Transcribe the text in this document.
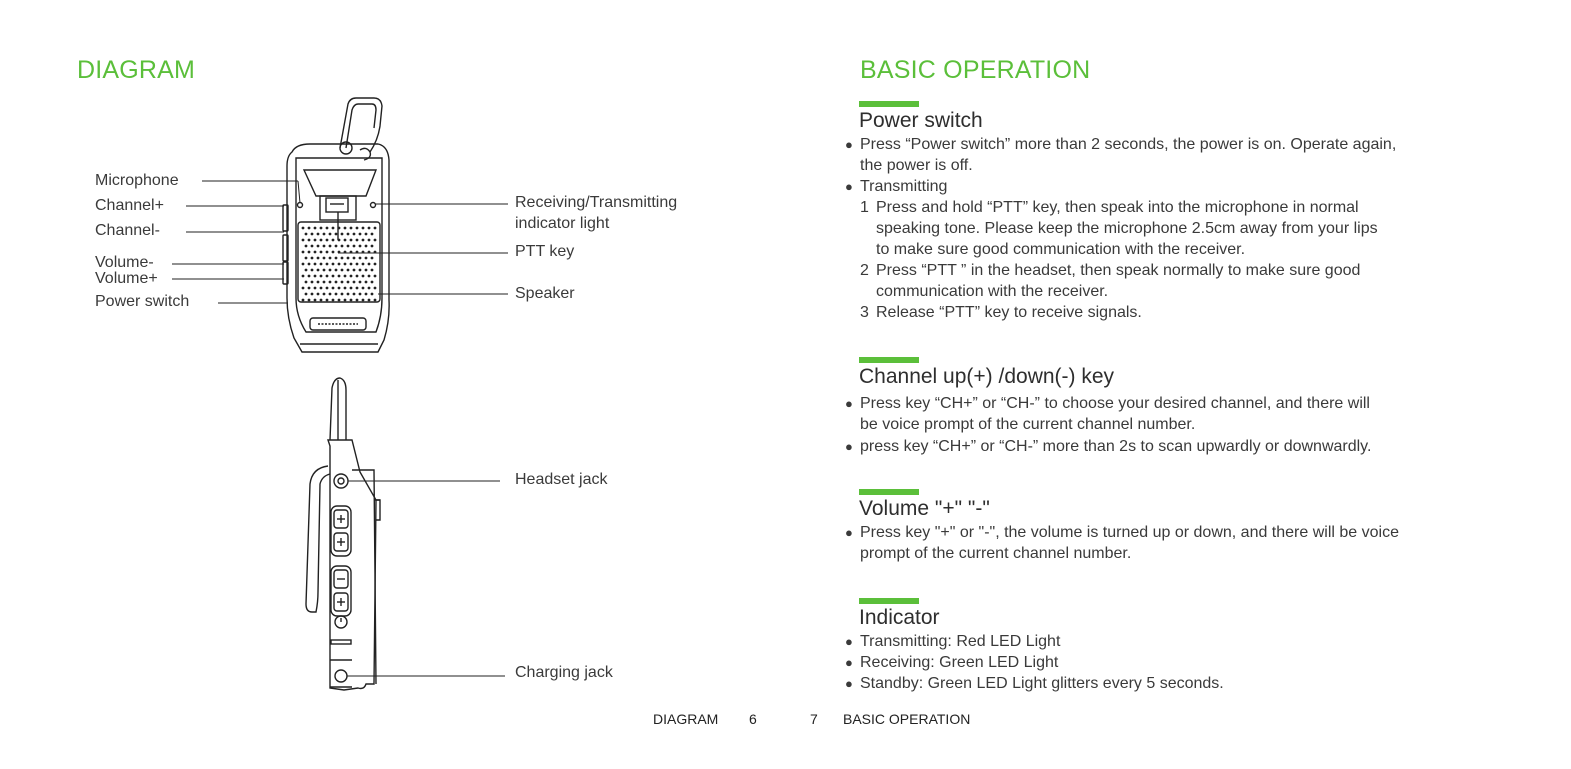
DIAGRAM
Microphone
Channel+
Channel-
Volume-
Volume+
Power switch
Receiving/Transmitting
indicator light
PTT key
Speaker
Headset jack
Charging jack
BASIC OPERATION
Power switch
● Press “Power switch” more than 2 seconds, the power is on. Operate again,
the power is off.
● Transmitting
1 Press and hold “PTT” key, then speak into the microphone in normal
speaking tone. Please keep the microphone 2.5cm away from your lips
to make sure good communication with the receiver.
2 Press “PTT ” in the headset, then speak normally to make sure good
communication with the receiver.
3 Release “PTT” key to receive signals.
Channel up(+) /down(-) key
● Press key “CH+” or “CH-” to choose your desired channel, and there will
be voice prompt of the current channel number.
● press key “CH+” or “CH-” more than 2s to scan upwardly or downwardly.
Volume "+" "-"
● Press key "+" or "-", the volume is turned up or down, and there will be voice
prompt of the current channel number.
Indicator
● Transmitting: Red LED Light
● Receiving: Green LED Light
● Standby: Green LED Light glitters every 5 seconds.
DIAGRAM 6	7 BASIC OPERATION
